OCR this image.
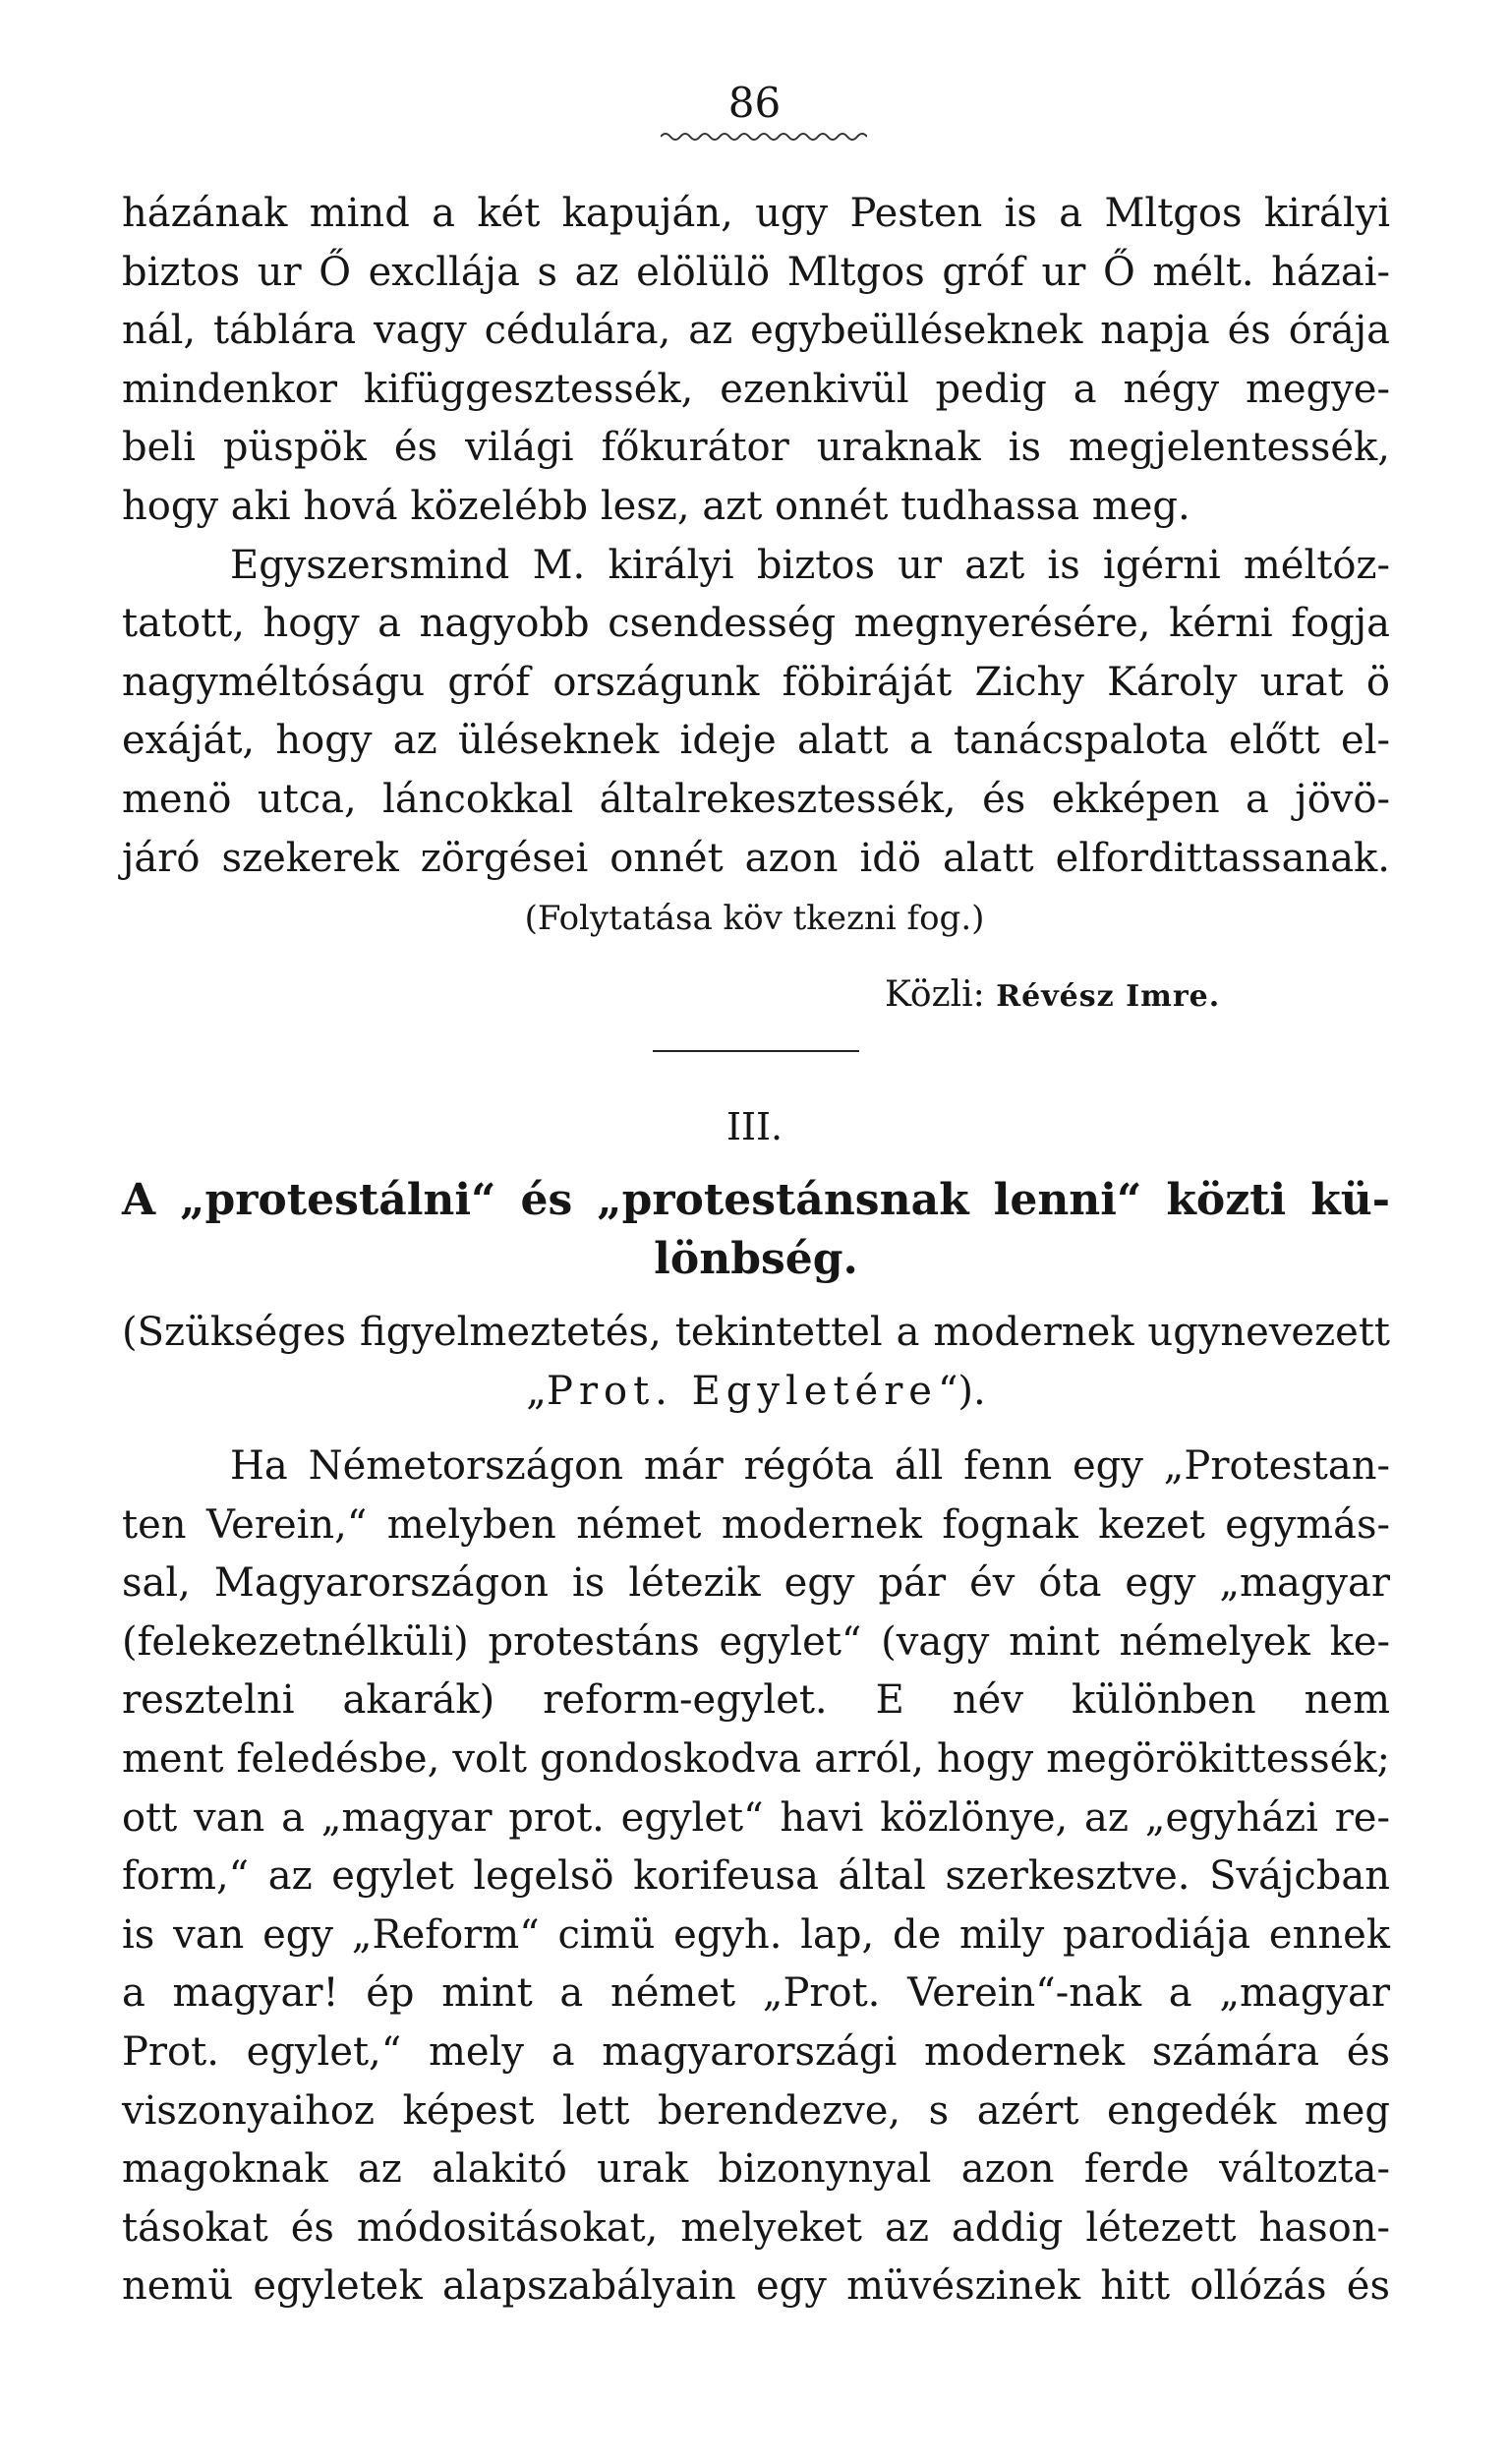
86
házának mind a két kapuján, ugy Pesten is a Mltgos királyi
biztos ur Ő excllája s az elölülö Mltgos gróf ur Ő mélt. házai-
nál, táblára vagy cédulára, az egybeülléseknek napja és órája
mindenkor kifüggesztessék, ezenkivül pedig a négy megye-
beli püspök és világi főkurátor uraknak is megjelentessék,
hogy aki hová közelébb lesz, azt onnét tudhassa meg.
Egyszersmind M. királyi biztos ur azt is igérni méltóz-
tatott, hogy a nagyobb csendesség megnyerésére, kérni fogja
nagyméltóságu gróf országunk föbiráját Zichy Károly urat ö
exáját, hogy az üléseknek ideje alatt a tanácspalota előtt el-
menö utca, láncokkal általrekesztessék, és ekképen a jövö-
járó szekerek zörgései onnét azon idö alatt elfordittassanak.
(Folytatása köv tkezni fog.)
Közli: Révész Imre.
III.
A „protestálni“ és „protestánsnak lenni“ közti kü-
lönbség.
(Szükséges figyelmeztetés, tekintettel a modernek ugynevezett
„Prot. Egyletére“).
Ha Németországon már régóta áll fenn egy „Protestan-
ten Verein,“ melyben német modernek fognak kezet egymás-
sal, Magyarországon is létezik egy pár év óta egy „magyar
(felekezetnélküli) protestáns egylet“ (vagy mint némelyek ke-
resztelni akarák) reform-egylet. E név különben nem
ment feledésbe, volt gondoskodva arról, hogy megörökittessék;
ott van a „magyar prot. egylet“ havi közlönye, az „egyházi re-
form,“ az egylet legelsö korifeusa által szerkesztve. Svájcban
is van egy „Reform“ cimü egyh. lap, de mily parodiája ennek
a magyar! ép mint a német „Prot. Verein“-nak a „magyar
Prot. egylet,“ mely a magyarországi modernek számára és
viszonyaihoz képest lett berendezve, s azért engedék meg
magoknak az alakitó urak bizonynyal azon ferde változta-
tásokat és módositásokat, melyeket az addig létezett hason-
nemü egyletek alapszabályain egy müvészinek hitt ollózás és
